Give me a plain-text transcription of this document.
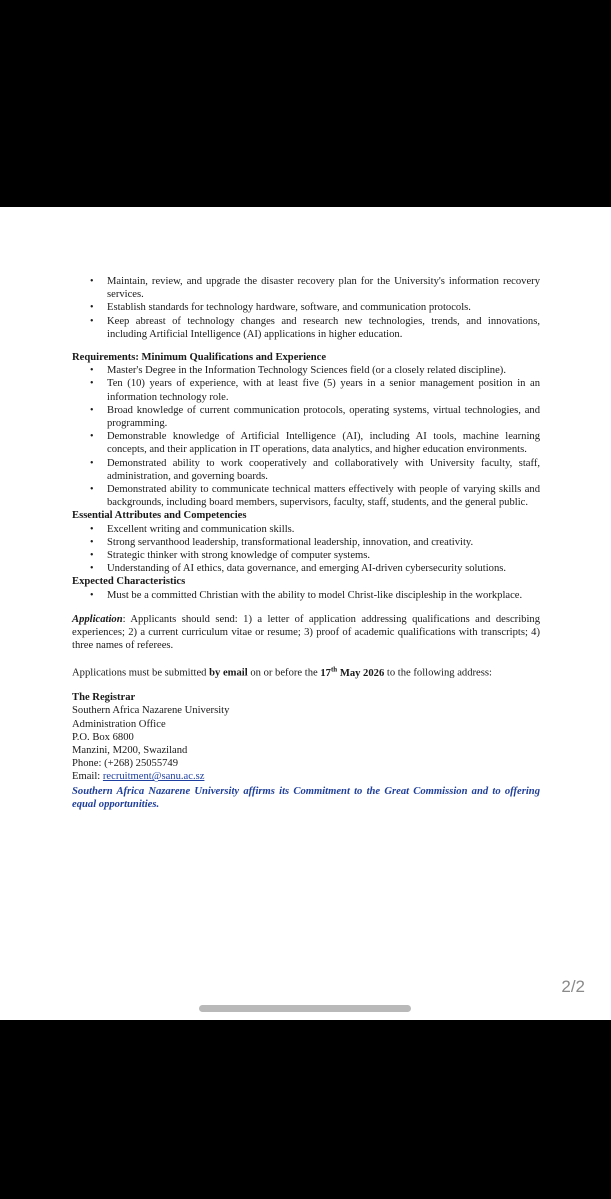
• Maintain, review, and upgrade the disaster recovery plan for the University's information recovery services.
• Establish standards for technology hardware, software, and communication protocols.
• Keep abreast of technology changes and research new technologies, trends, and innovations, including Artificial Intelligence (AI) applications in higher education.
Requirements: Minimum Qualifications and Experience
• Master's Degree in the Information Technology Sciences field (or a closely related discipline).
• Ten (10) years of experience, with at least five (5) years in a senior management position in an information technology role.
• Broad knowledge of current communication protocols, operating systems, virtual technologies, and programming.
• Demonstrable knowledge of Artificial Intelligence (AI), including AI tools, machine learning concepts, and their application in IT operations, data analytics, and higher education environments.
• Demonstrated ability to work cooperatively and collaboratively with University faculty, staff, administration, and governing boards.
• Demonstrated ability to communicate technical matters effectively with people of varying skills and backgrounds, including board members, supervisors, faculty, staff, students, and the general public.
Essential Attributes and Competencies
• Excellent writing and communication skills.
• Strong servanthood leadership, transformational leadership, innovation, and creativity.
• Strategic thinker with strong knowledge of computer systems.
• Understanding of AI ethics, data governance, and emerging AI-driven cybersecurity solutions.
Expected Characteristics
• Must be a committed Christian with the ability to model Christ-like discipleship in the workplace.

Application: Applicants should send: 1) a letter of application addressing qualifications and describing experiences; 2) a current curriculum vitae or resume; 3) proof of academic qualifications with transcripts; 4) three names of referees.

Applications must be submitted by email on or before the 17th May 2026 to the following address:

The Registrar
Southern Africa Nazarene University
Administration Office
P.O. Box 6800
Manzini, M200, Swaziland
Phone: (+268) 25055749
Email: recruitment@sanu.ac.sz

Southern Africa Nazarene University affirms its Commitment to the Great Commission and to offering equal opportunities.

2/2
